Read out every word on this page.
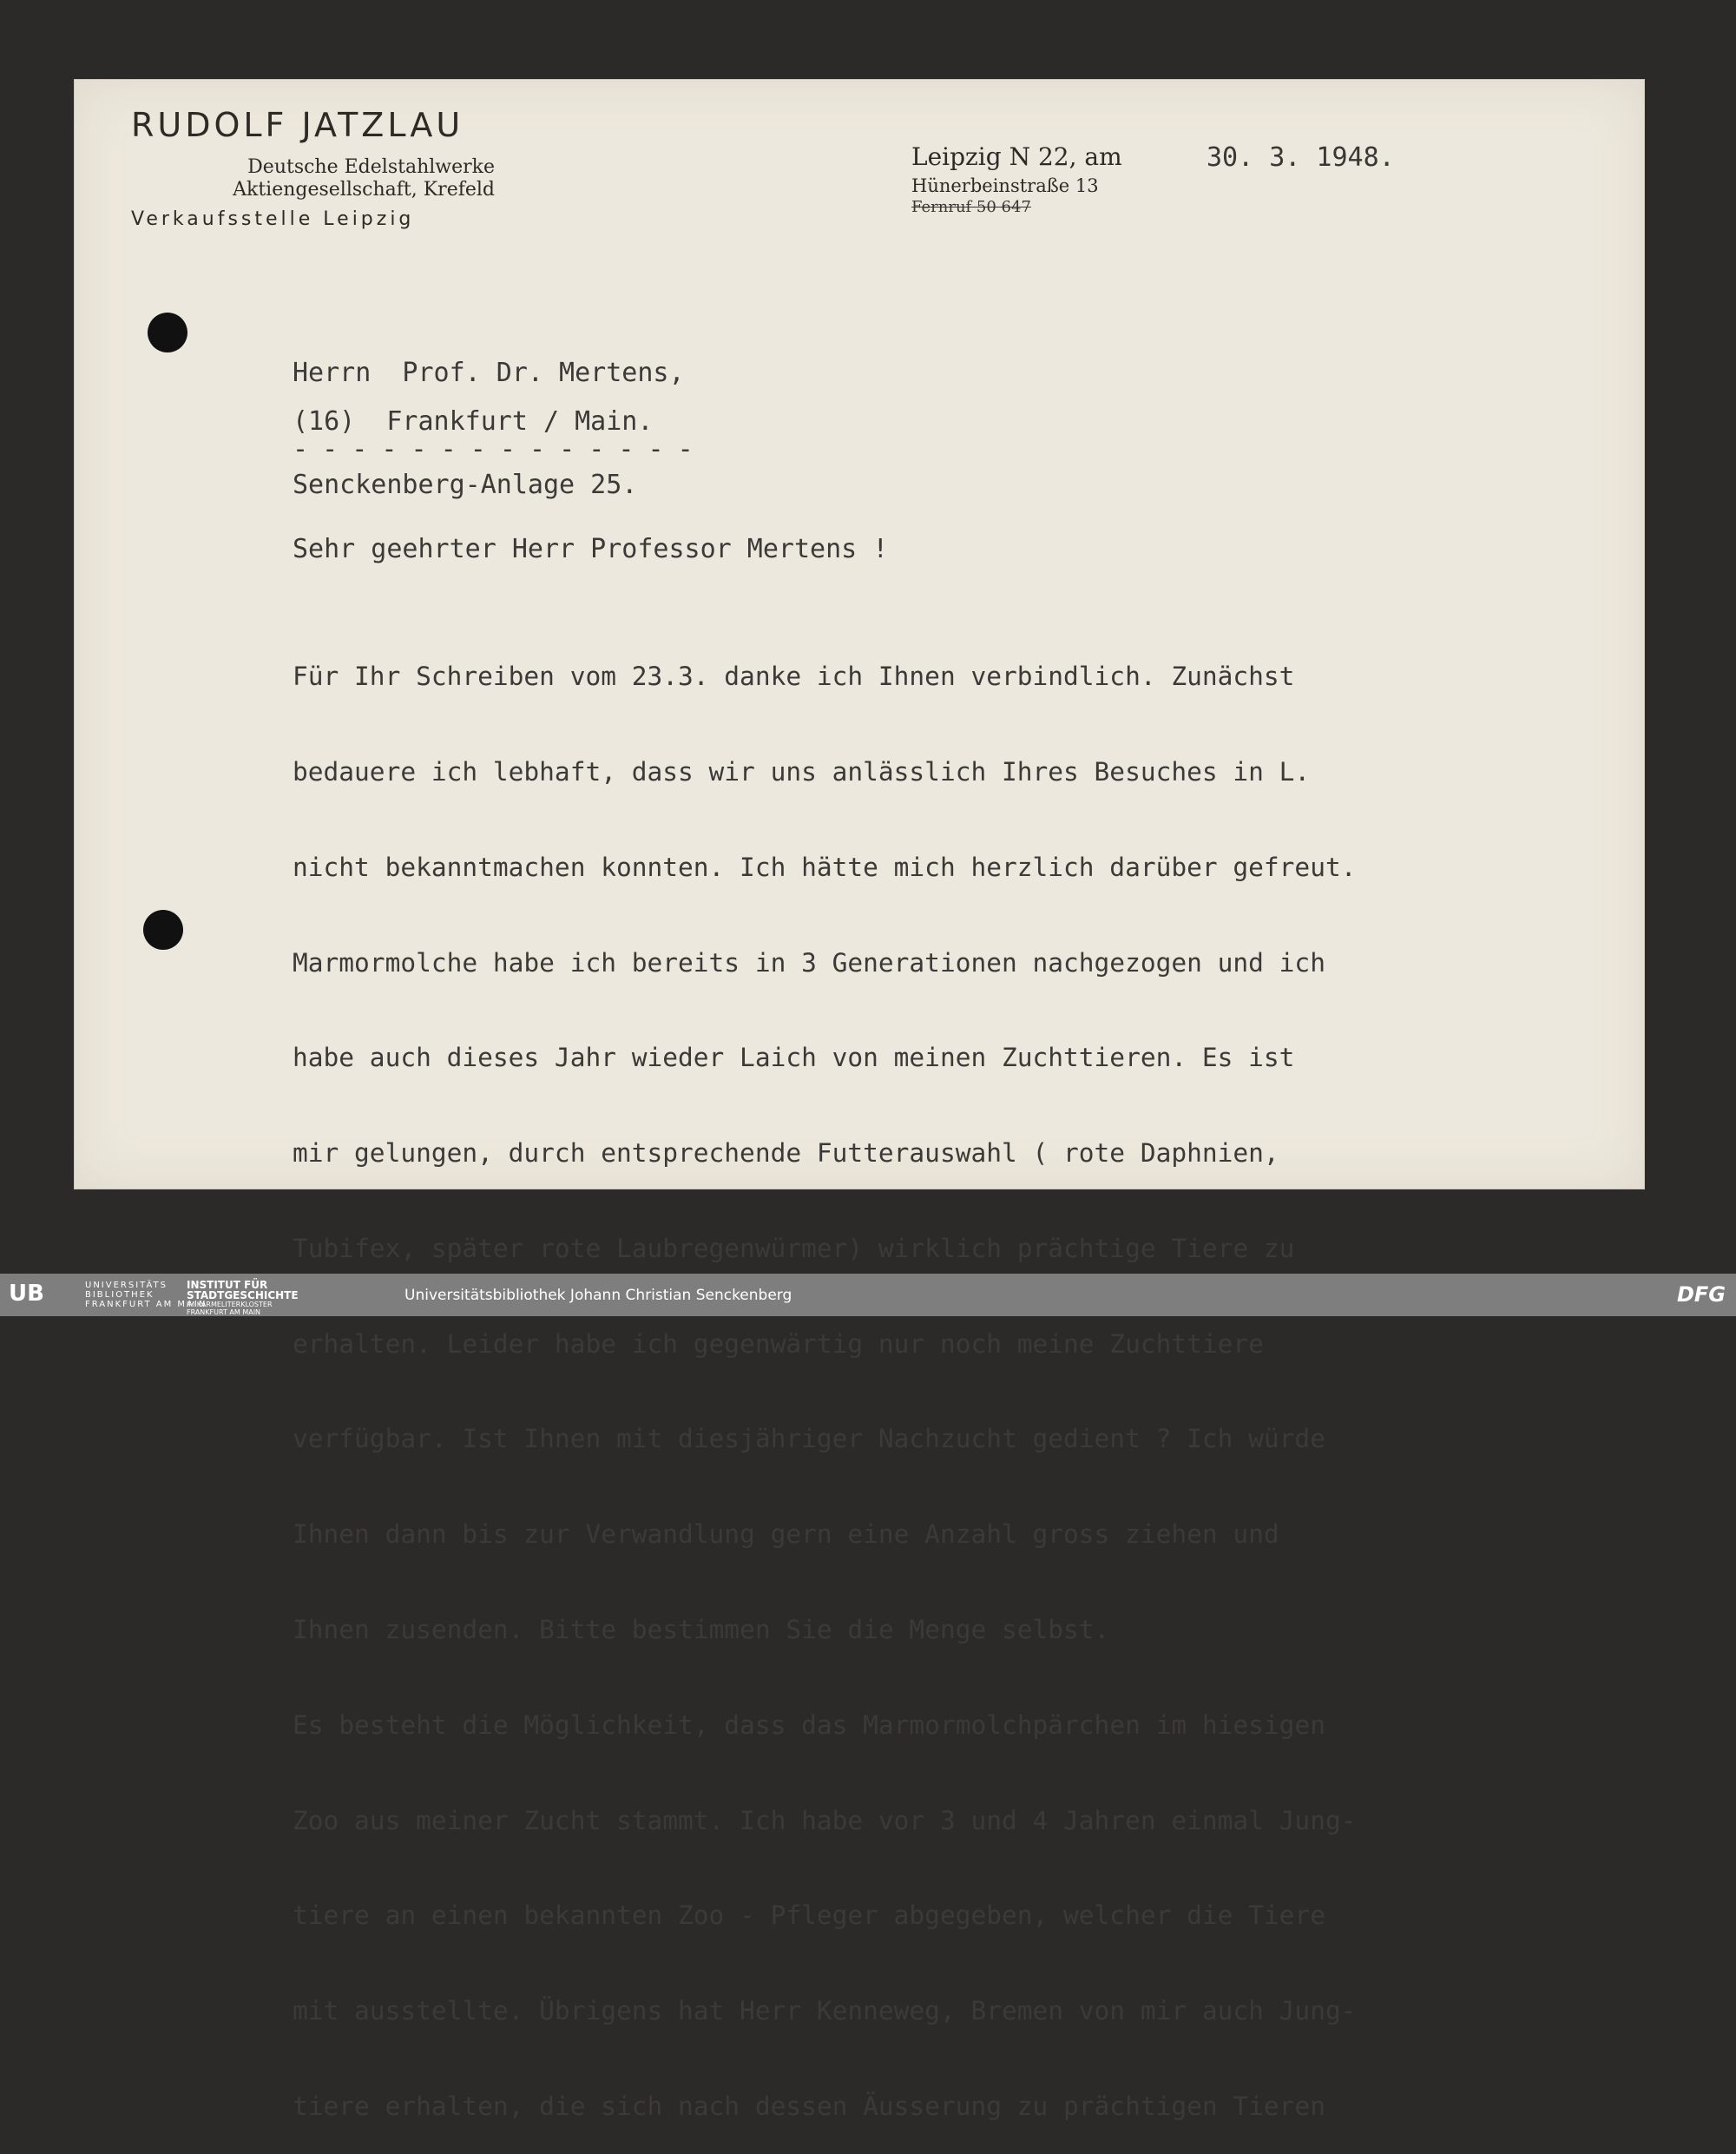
RUDOLF JATZLAU
Deutsche Edelstahlwerke
Aktiengesellschaft, Krefeld
Verkaufsstelle Leipzig
Leipzig N 22, am
Hünerbeinstraße 13
Fernruf 50 647
30. 3. 1948.
Herrn  Prof. Dr. Mertens,
(16)  Frankfurt / Main.
- - - - - - - - - - - - - -
Senckenberg-Anlage 25.
Sehr geehrter Herr Professor Mertens !

Für Ihr Schreiben vom 23.3. danke ich Ihnen verbindlich. Zunächst

bedauere ich lebhaft, dass wir uns anlässlich Ihres Besuches in L.

nicht bekanntmachen konnten. Ich hätte mich herzlich darüber gefreut.

Marmormolche habe ich bereits in 3 Generationen nachgezogen und ich

habe auch dieses Jahr wieder Laich von meinen Zuchttieren. Es ist

mir gelungen, durch entsprechende Futterauswahl ( rote Daphnien,

Tubifex, später rote Laubregenwürmer) wirklich prächtige Tiere zu

erhalten. Leider habe ich gegenwärtig nur noch meine Zuchttiere

verfügbar. Ist Ihnen mit diesjähriger Nachzucht gedient ? Ich würde

Ihnen dann bis zur Verwandlung gern eine Anzahl gross ziehen und

Ihnen zusenden. Bitte bestimmen Sie die Menge selbst.

Es besteht die Möglichkeit, dass das Marmormolchpärchen im hiesigen

Zoo aus meiner Zucht stammt. Ich habe vor 3 und 4 Jahren einmal Jung-

tiere an einen bekannten Zoo - Pfleger abgegeben, welcher die Tiere

mit ausstellte. Übrigens hat Herr Kenneweg, Bremen von mir auch Jung-

tiere erhalten, die sich nach dessen Äusserung zu prächtigen Tieren

UB	UNIVERSITÄTS
BIBLIOTHEK
FRANKFURT AM MAIN
INSTITUT FÜR
STADTGESCHICHTE
IM KARMELITERKLOSTER
FRANKFURT AM MAIN
Universitätsbibliothek Johann Christian Senckenberg	DFG
